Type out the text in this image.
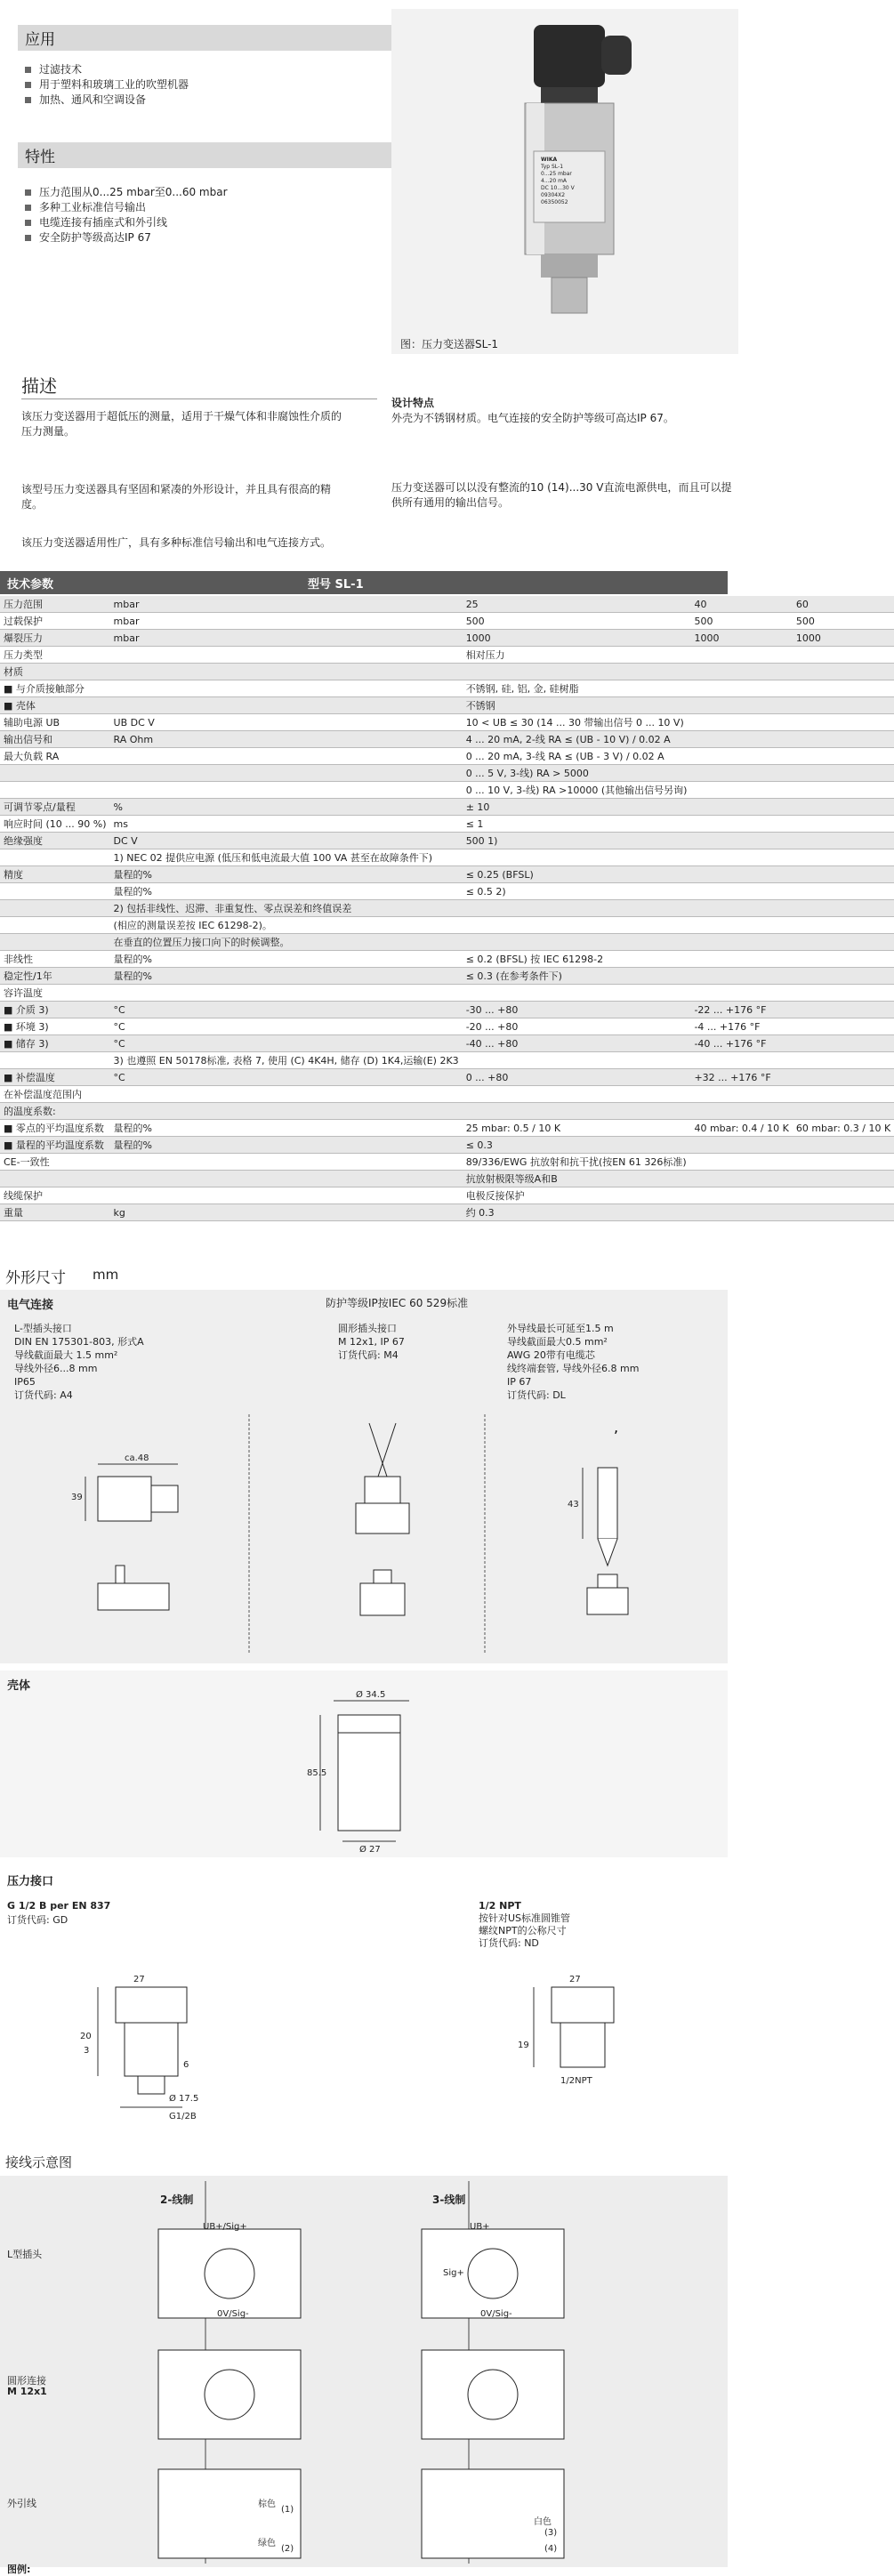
应用
过滤技术
用于塑料和玻璃工业的吹塑机器
加热、通风和空调设备
特性
压力范围从0...25 mbar至0...60 mbar
多种工业标准信号输出
电缆连接有插座式和外引线
安全防护等级高达IP 67
WIKA
Typ SL-1
0...25 mbar
4...20 mA
DC 10...30 V
09304X2
06350052
图：压力变送器SL-1
描述

该压力变送器用于超低压的测量，适用于干燥气体和非腐蚀性介质的压力测量。

该型号压力变送器具有坚固和紧凑的外形设计，并且具有很高的精度。

该压力变送器适用性广，具有多种标准信号输出和电气连接方式。

设计特点

外壳为不锈钢材质。电气连接的安全防护等级可高达IP 67。

压力变送器可以以没有整流的10 (14)...30 V直流电源供电，而且可以提供所有通用的输出信号。

技术参数	型号 SL-1
压力范围	mbar	25	40	60
过载保护	mbar	500	500	500
爆裂压力	mbar	1000	1000	1000
压力类型		相对压力		
材质				
■ 与介质接触部分		不锈钢, 硅, 铝, 金, 硅树脂		
■ 壳体		不锈钢		
辅助电源 UB	UB DC V	10 < UB ≤ 30 (14 ... 30 带输出信号 0 ... 10 V)		
输出信号和	RA Ohm	4 ... 20 mA, 2-线 RA ≤ (UB - 10 V) / 0.02 A		
最大负载 RA		0 ... 20 mA, 3-线 RA ≤ (UB - 3 V) / 0.02 A		
		0 ... 5 V, 3-线) RA > 5000		
		0 ... 10 V, 3-线) RA >10000 (其他输出信号另询)		
可调节零点/量程	%	± 10		
响应时间 (10 ... 90 %)	ms	≤ 1		
绝缘强度	DC V	500 1)		
	1) NEC 02 提供应电源 (低压和低电流最大值 100 VA 甚至在故障条件下)			
精度	量程的%	≤ 0.25 (BFSL)		
	量程的%	≤ 0.5 2)		
	2) 包括非线性、迟滞、非重复性、零点误差和终值误差			
	(相应的测量误差按 IEC 61298-2)。			
	在垂直的位置压力接口向下的时候调整。			
非线性	量程的%	≤ 0.2 (BFSL) 按 IEC 61298-2		
稳定性/1年	量程的%	≤ 0.3 (在参考条件下)		
容许温度				
■ 介质 3)	°C	-30 ... +80	-22 ... +176 °F	
■ 环境 3)	°C	-20 ... +80	-4 ... +176 °F	
■ 储存 3)	°C	-40 ... +80	-40 ... +176 °F	
	3) 也遵照 EN 50178标准, 表格 7, 使用 (C) 4K4H, 储存 (D) 1K4,运输(E) 2K3			
■ 补偿温度	°C	0 ... +80	+32 ... +176 °F	
在补偿温度范围内				
的温度系数:				
■ 零点的平均温度系数	量程的%	25 mbar: 0.5 / 10 K	40 mbar: 0.4 / 10 K	60 mbar: 0.3 / 10 K
■ 量程的平均温度系数	量程的%	≤ 0.3		
CE-一致性		89/336/EWG 抗放射和抗干扰(按EN 61 326标准)		
		抗放射极限等级A和B		
线缆保护		电极反接保护		
重量	kg	约 0.3		
外形尺寸 mm
电气连接	防护等级IP按IEC 60 529标准
L-型插头接口
DIN EN 175301-803, 形式A
导线截面最大 1.5 mm²
导线外径6...8 mm
IP65
订货代码: A4
圆形插头接口
M 12x1, IP 67
订货代码: M4
外导线最长可延至1.5 m
导线截面最大0.5 mm²
AWG 20带有电缆芯
线终端套管, 导线外径6.8 mm
IP 67
订货代码: DL
,
ca.48
39
43
壳体
Ø 34.5
85.5
Ø 27
压力接口
G 1/2 B per EN 837
订货代码: GD
1/2 NPT
按针对US标准圆锥管
螺纹NPT的公称尺寸
订货代码: ND
27
20
3
6
Ø 17.5
G1/2B
27
19
1/2NPT
接线示意图
2-线制	3-线制
L型插头
圆形连接
M 12x1
外引线
UB+/Sig+
0V/Sig-
UB+
Sig+
0V/Sig-
棕色
绿色
白色
(1)
(2)
(3)
(4)
图例:
